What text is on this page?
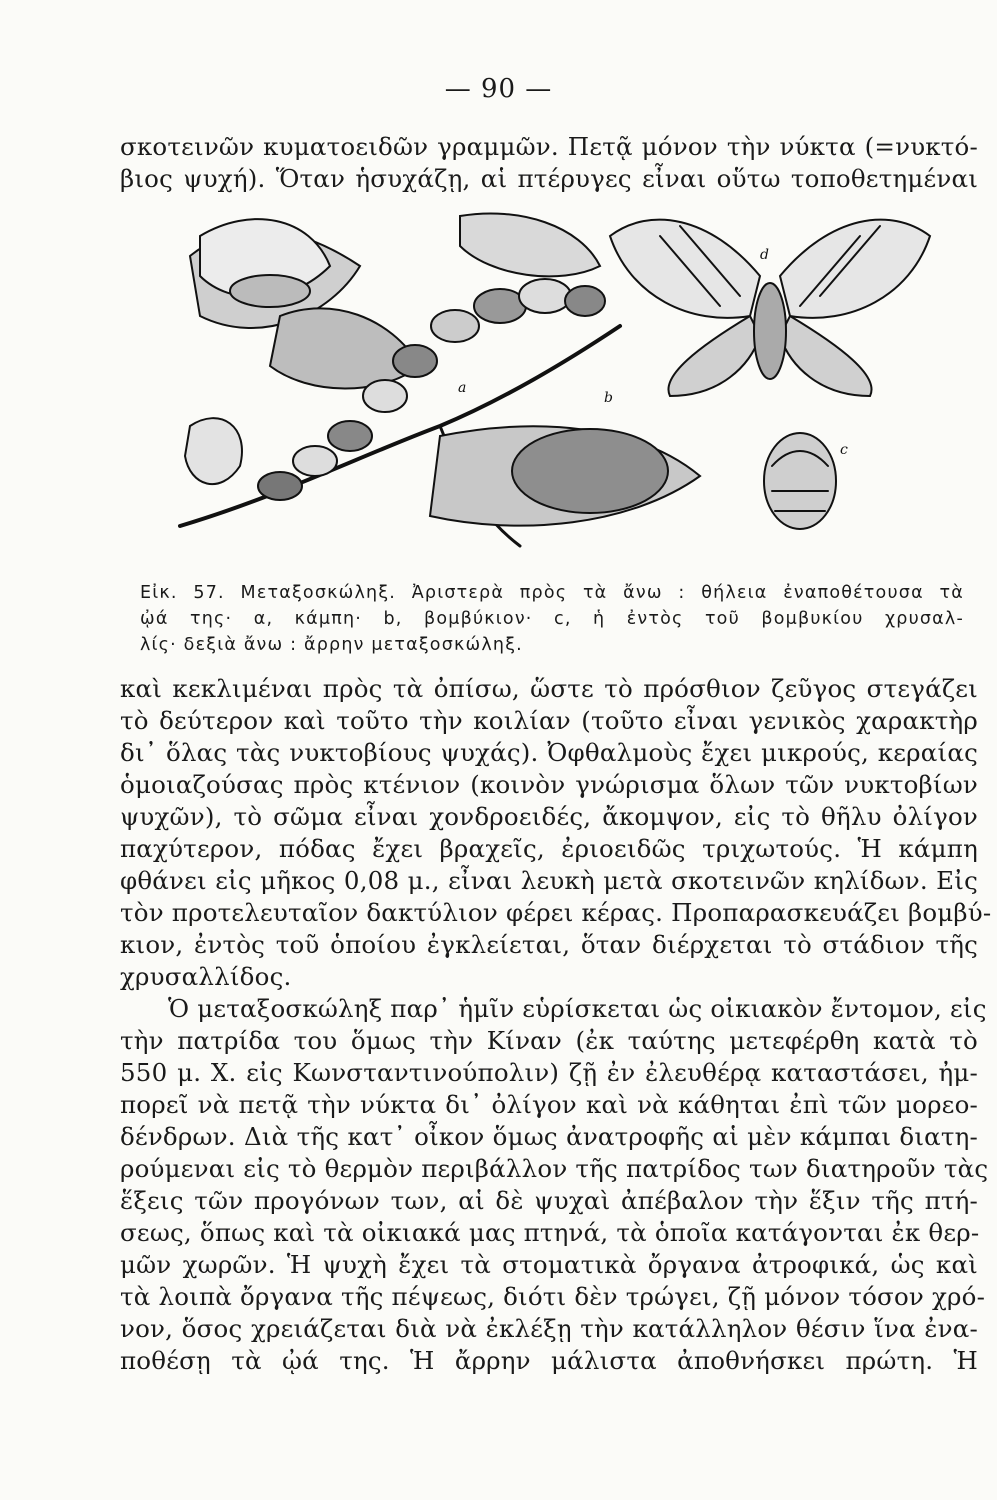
— 90 —
σκοτεινῶν κυματοειδῶν γραμμῶν. Πετᾷ μόνον τὴν νύκτα (=νυκτό-
βιος ψυχή). Ὅταν ἡσυχάζῃ, αἱ πτέρυγες εἶναι οὕτω τοποθετημέναι
d
a
b
c
Εἰκ. 57. Μεταξοσκώληξ. Ἀριστερὰ πρὸς τὰ ἄνω : θήλεια ἐναποθέτουσα τὰ
ᾠά της· α, κάμπη· b, βομβύκιον· c, ἡ ἐντὸς τοῦ βομβυκίου χρυσαλ-
λίς· δεξιὰ ἄνω : ἄρρην μεταξοσκώληξ.
καὶ κεκλιμέναι πρὸς τὰ ὀπίσω, ὥστε τὸ πρόσθιον ζεῦγος στεγάζει
τὸ δεύτερον καὶ τοῦτο τὴν κοιλίαν (τοῦτο εἶναι γενικὸς χαρακτὴρ
δι᾽ ὅλας τὰς νυκτοβίους ψυχάς). Ὀφθαλμοὺς ἔχει μικρούς, κεραίας
ὁμοιαζούσας πρὸς κτένιον (κοινὸν γνώρισμα ὅλων τῶν νυκτοβίων
ψυχῶν), τὸ σῶμα εἶναι χονδροειδές, ἄκομψον, εἰς τὸ θῆλυ ὀλίγον
παχύτερον, πόδας ἔχει βραχεῖς, ἐριοειδῶς τριχωτούς. Ἡ κάμπη
φθάνει εἰς μῆκος 0,08 μ., εἶναι λευκὴ μετὰ σκοτεινῶν κηλίδων. Εἰς
τὸν προτελευταῖον δακτύλιον φέρει κέρας. Προπαρασκευάζει βομβύ-
κιον, ἐντὸς τοῦ ὁποίου ἐγκλείεται, ὅταν διέρχεται τὸ στάδιον τῆς
χρυσαλλίδος.
Ὁ μεταξοσκώληξ παρ᾽ ἡμῖν εὑρίσκεται ὡς οἰκιακὸν ἔντομον, εἰς
τὴν πατρίδα του ὅμως τὴν Κίναν (ἐκ ταύτης μετεφέρθη κατὰ τὸ
550 μ. Χ. εἰς Κωνσταντινούπολιν) ζῇ ἐν ἐλευθέρᾳ καταστάσει, ἠμ-
πορεῖ νὰ πετᾷ τὴν νύκτα δι᾽ ὀλίγον καὶ νὰ κάθηται ἐπὶ τῶν μορεο-
δένδρων. Διὰ τῆς κατ᾽ οἶκον ὅμως ἀνατροφῆς αἱ μὲν κάμπαι διατη-
ρούμεναι εἰς τὸ θερμὸν περιβάλλον τῆς πατρίδος των διατηροῦν τὰς
ἕξεις τῶν προγόνων των, αἱ δὲ ψυχαὶ ἀπέβαλον τὴν ἕξιν τῆς πτή-
σεως, ὅπως καὶ τὰ οἰκιακά μας πτηνά, τὰ ὁποῖα κατάγονται ἐκ θερ-
μῶν χωρῶν. Ἡ ψυχὴ ἔχει τὰ στοματικὰ ὄργανα ἀτροφικά, ὡς καὶ
τὰ λοιπὰ ὄργανα τῆς πέψεως, διότι δὲν τρώγει, ζῇ μόνον τόσον χρό-
νον, ὅσος χρειάζεται διὰ νὰ ἐκλέξῃ τὴν κατάλληλον θέσιν ἵνα ἐνα-
ποθέσῃ τὰ ᾠά της. Ἡ ἄρρην μάλιστα ἀποθνήσκει πρώτη. Ἡ
